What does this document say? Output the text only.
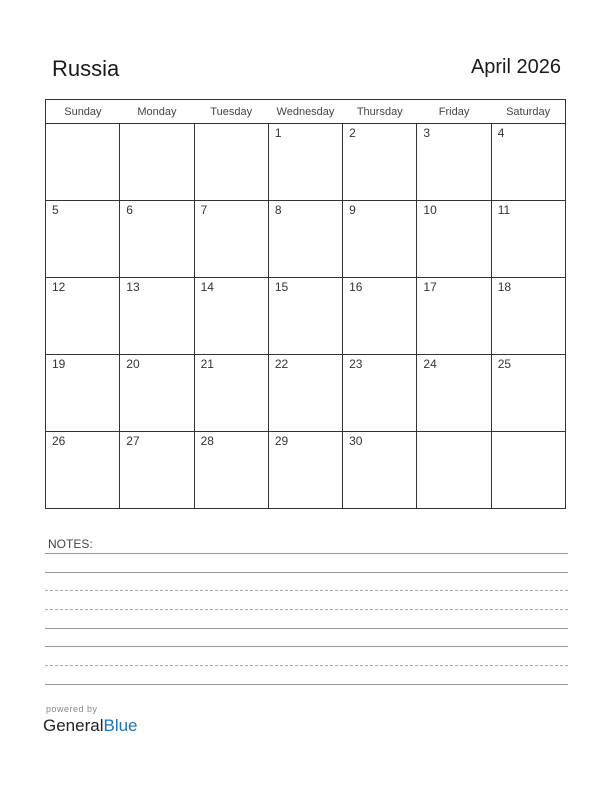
Russia	April 2026
Sunday	Monday	Tuesday	Wednesday	Thursday	Friday	Saturday

			1	2	3	4

5	6	7	8	9	10	11

12	13	14	15	16	17	18

19	20	21	22	23	24	25

26	27	28	29	30		

NOTES:
powered by
GeneralBlue
